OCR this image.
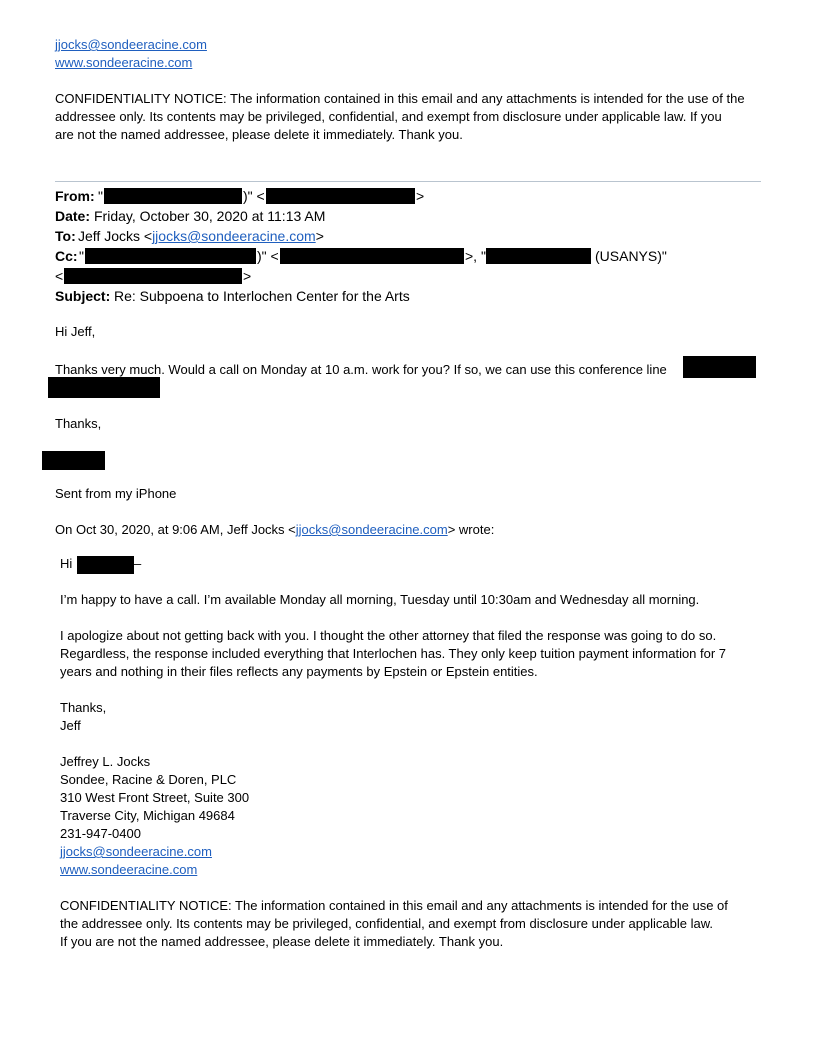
jjocks@sondeeracine.com
www.sondeeracine.com
CONFIDENTIALITY NOTICE: The information contained in this email and any attachments is intended for the use of the
addressee only. Its contents may be privileged, confidential, and exempt from disclosure under applicable law. If you
are not the named addressee, please delete it immediately. Thank you.
From: "	)" <	>
Date: Friday, October 30, 2020 at 11:13 AM
To: Jeff Jocks <jjocks@sondeeracine.com>
Cc: "	)" <	>, "	(USANYS)"
<	>
Subject: Re: Subpoena to Interlochen Center for the Arts
Hi Jeff,
Thanks very much. Would a call on Monday at 10 a.m. work for you? If so, we can use this conference line
Thanks,
Sent from my iPhone
On Oct 30, 2020, at 9:06 AM, Jeff Jocks <jjocks@sondeeracine.com> wrote:
Hi	–
I’m happy to have a call. I’m available Monday all morning, Tuesday until 10:30am and Wednesday all morning.
I apologize about not getting back with you. I thought the other attorney that filed the response was going to do so.
Regardless, the response included everything that Interlochen has. They only keep tuition payment information for 7
years and nothing in their files reflects any payments by Epstein or Epstein entities.
Thanks,
Jeff
Jeffrey L. Jocks
Sondee, Racine & Doren, PLC
310 West Front Street, Suite 300
Traverse City, Michigan 49684
231-947-0400
jjocks@sondeeracine.com
www.sondeeracine.com
CONFIDENTIALITY NOTICE: The information contained in this email and any attachments is intended for the use of
the addressee only. Its contents may be privileged, confidential, and exempt from disclosure under applicable law.
If you are not the named addressee, please delete it immediately. Thank you.
